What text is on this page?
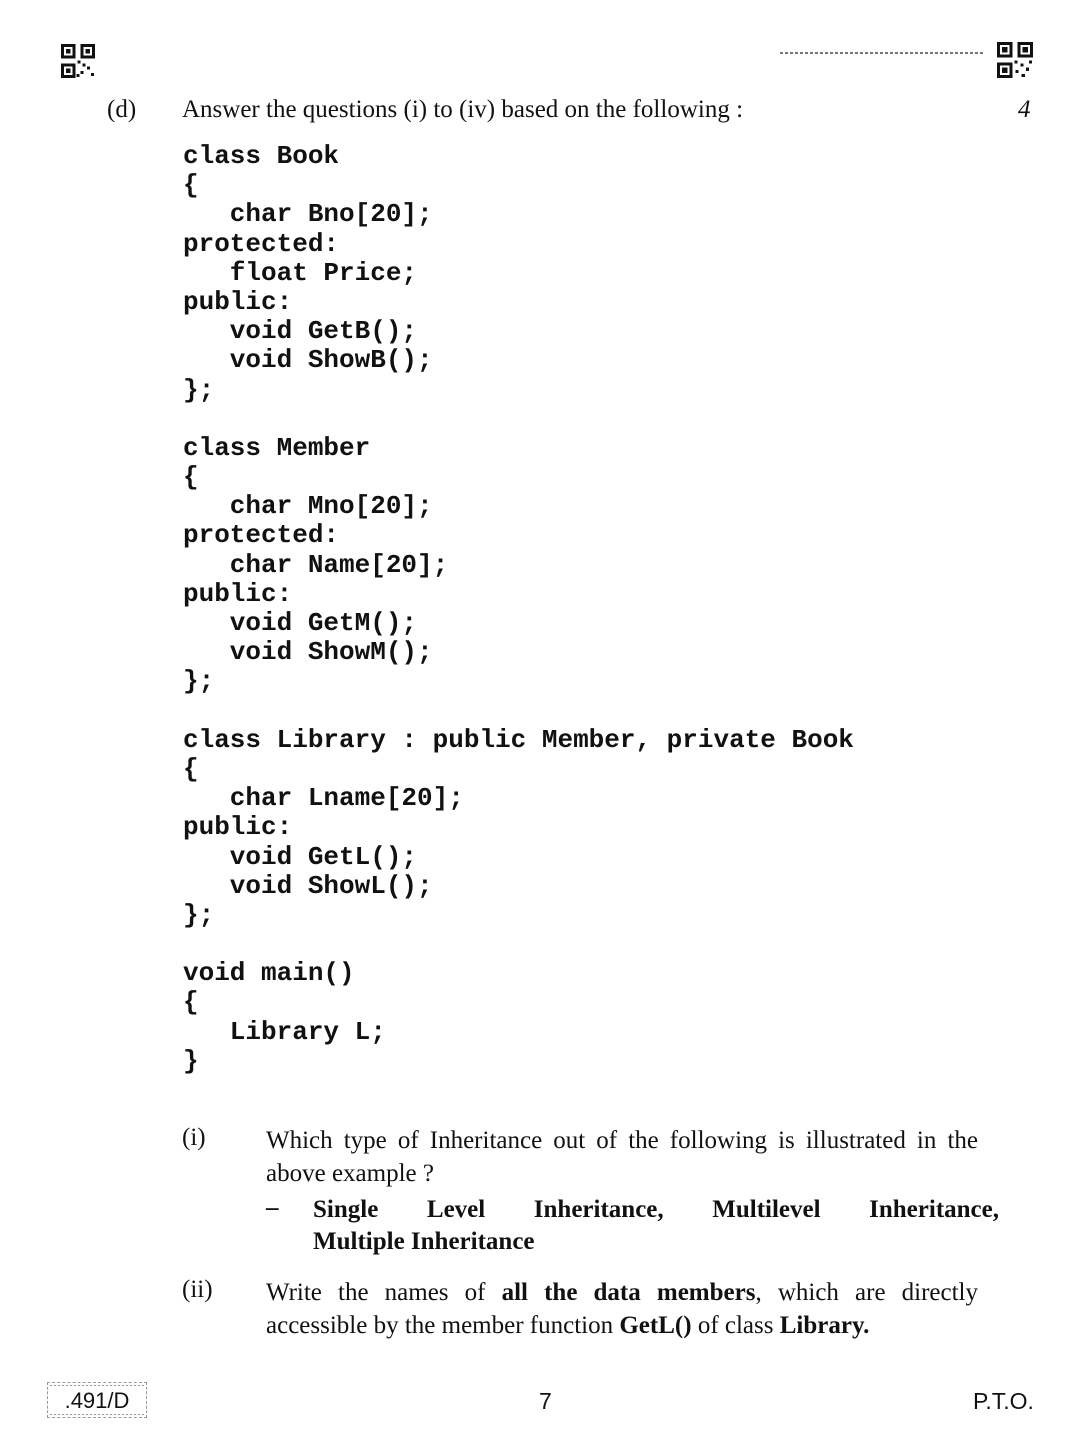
(d) Answer the questions (i) to (iv) based on the following :	4
class Book
{
char Bno[20];
protected:
float Price;
public:
void GetB();
void ShowB();
};
class Member
{
char Mno[20];
protected:
char Name[20];
public:
void GetM();
void ShowM();
};
class Library : public Member, private Book
{
char Lname[20];
public:
void GetL();
void ShowL();
};
void main()
{
Library L;
}
(i) Which type of Inheritance out of the following is illustrated in the above example ?
– Single Level Inheritance, Multilevel Inheritance,
Multiple Inheritance
(ii) Write the names of all the data members, which are directly accessible by the member function GetL() of class Library.
.491/D	7	P.T.O.
